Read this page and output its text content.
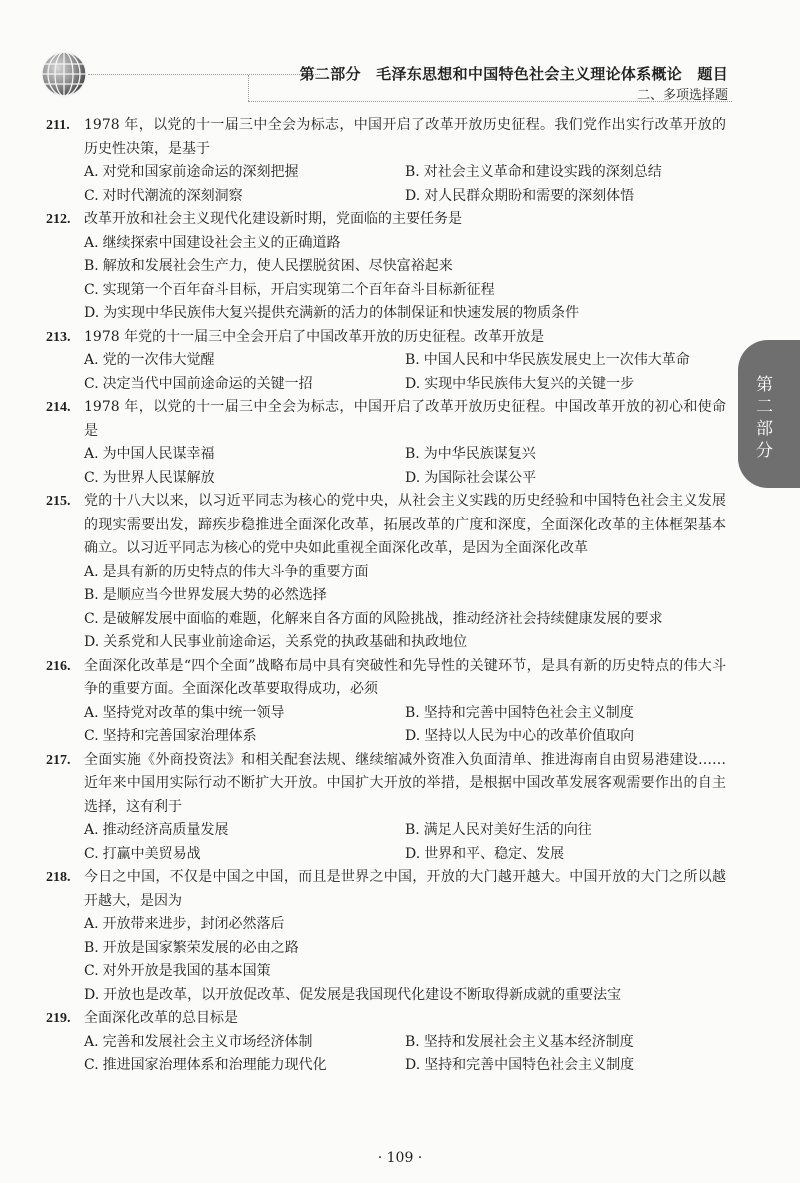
第二部分　毛泽东思想和中国特色社会主义理论体系概论　题目
二、多项选择题
第二部分
211. 1978 年，以党的十一届三中全会为标志，中国开启了改革开放历史征程。我们党作出实行改革开放的历史性决策，是基于
A. 对党和国家前途命运的深刻把握	B. 对社会主义革命和建设实践的深刻总结
C. 对时代潮流的深刻洞察	D. 对人民群众期盼和需要的深刻体悟
212. 改革开放和社会主义现代化建设新时期，党面临的主要任务是
A. 继续探索中国建设社会主义的正确道路
B. 解放和发展社会生产力，使人民摆脱贫困、尽快富裕起来
C. 实现第一个百年奋斗目标，开启实现第二个百年奋斗目标新征程
D. 为实现中华民族伟大复兴提供充满新的活力的体制保证和快速发展的物质条件
213. 1978 年党的十一届三中全会开启了中国改革开放的历史征程。改革开放是
A. 党的一次伟大觉醒	B. 中国人民和中华民族发展史上一次伟大革命
C. 决定当代中国前途命运的关键一招	D. 实现中华民族伟大复兴的关键一步
214. 1978 年，以党的十一届三中全会为标志，中国开启了改革开放历史征程。中国改革开放的初心和使命是
A. 为中国人民谋幸福	B. 为中华民族谋复兴
C. 为世界人民谋解放	D. 为国际社会谋公平
215. 党的十八大以来，以习近平同志为核心的党中央，从社会主义实践的历史经验和中国特色社会主义发展的现实需要出发，蹄疾步稳推进全面深化改革，拓展改革的广度和深度，全面深化改革的主体框架基本确立。以习近平同志为核心的党中央如此重视全面深化改革，是因为全面深化改革
A. 是具有新的历史特点的伟大斗争的重要方面
B. 是顺应当今世界发展大势的必然选择
C. 是破解发展中面临的难题，化解来自各方面的风险挑战，推动经济社会持续健康发展的要求
D. 关系党和人民事业前途命运，关系党的执政基础和执政地位
216. 全面深化改革是“四个全面”战略布局中具有突破性和先导性的关键环节，是具有新的历史特点的伟大斗争的重要方面。全面深化改革要取得成功，必须
A. 坚持党对改革的集中统一领导	B. 坚持和完善中国特色社会主义制度
C. 坚持和完善国家治理体系	D. 坚持以人民为中心的改革价值取向
217. 全面实施《外商投资法》和相关配套法规、继续缩减外资准入负面清单、推进海南自由贸易港建设……近年来中国用实际行动不断扩大开放。中国扩大开放的举措，是根据中国改革发展客观需要作出的自主选择，这有利于
A. 推动经济高质量发展	B. 满足人民对美好生活的向往
C. 打赢中美贸易战	D. 世界和平、稳定、发展
218. 今日之中国，不仅是中国之中国，而且是世界之中国，开放的大门越开越大。中国开放的大门之所以越开越大，是因为
A. 开放带来进步，封闭必然落后
B. 开放是国家繁荣发展的必由之路
C. 对外开放是我国的基本国策
D. 开放也是改革，以开放促改革、促发展是我国现代化建设不断取得新成就的重要法宝
219. 全面深化改革的总目标是
A. 完善和发展社会主义市场经济体制	B. 坚持和发展社会主义基本经济制度
C. 推进国家治理体系和治理能力现代化	D. 坚持和完善中国特色社会主义制度
· 109 ·
